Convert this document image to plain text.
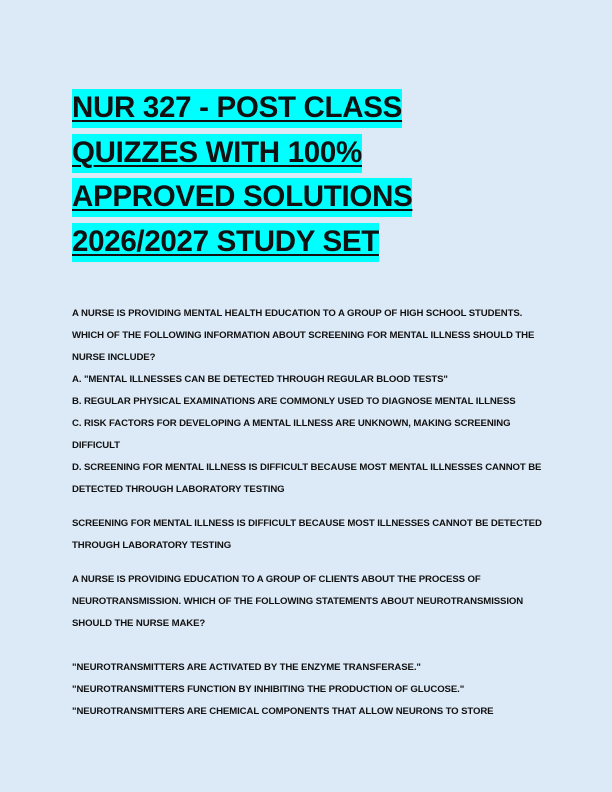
NUR 327 - POST CLASS
QUIZZES WITH 100%
APPROVED SOLUTIONS
2026/2027 STUDY SET

A NURSE IS PROVIDING MENTAL HEALTH EDUCATION TO A GROUP OF HIGH SCHOOL STUDENTS. WHICH OF THE FOLLOWING INFORMATION ABOUT SCREENING FOR MENTAL ILLNESS SHOULD THE NURSE INCLUDE?

A. "MENTAL ILLNESSES CAN BE DETECTED THROUGH REGULAR BLOOD TESTS"

B. REGULAR PHYSICAL EXAMINATIONS ARE COMMONLY USED TO DIAGNOSE MENTAL ILLNESS

C. RISK FACTORS FOR DEVELOPING A MENTAL ILLNESS ARE UNKNOWN, MAKING SCREENING DIFFICULT

D. SCREENING FOR MENTAL ILLNESS IS DIFFICULT BECAUSE MOST MENTAL ILLNESSES CANNOT BE DETECTED THROUGH LABORATORY TESTING

SCREENING FOR MENTAL ILLNESS IS DIFFICULT BECAUSE MOST ILLNESSES CANNOT BE DETECTED THROUGH LABORATORY TESTING

A NURSE IS PROVIDING EDUCATION TO A GROUP OF CLIENTS ABOUT THE PROCESS OF NEUROTRANSMISSION. WHICH OF THE FOLLOWING STATEMENTS ABOUT NEUROTRANSMISSION SHOULD THE NURSE MAKE?

"NEUROTRANSMITTERS ARE ACTIVATED BY THE ENZYME TRANSFERASE."

"NEUROTRANSMITTERS FUNCTION BY INHIBITING THE PRODUCTION OF GLUCOSE."

"NEUROTRANSMITTERS ARE CHEMICAL COMPONENTS THAT ALLOW NEURONS TO STORE
